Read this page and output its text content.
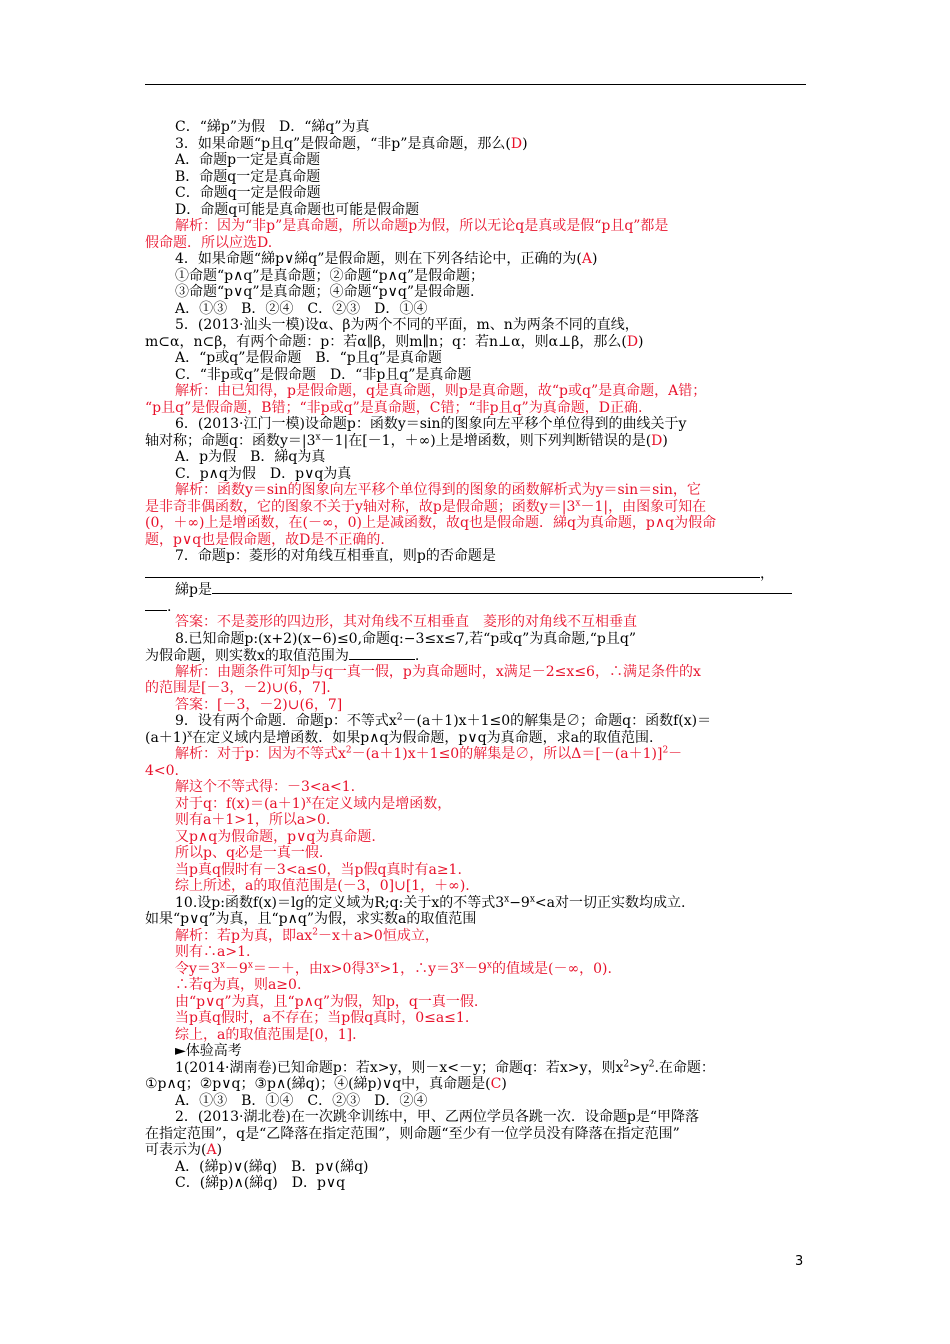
C．“綈p”为假　D．“綈q”为真
3．如果命题“p且q”是假命题，“非p”是真命题，那么(D)
A．命题p一定是真命题
B．命题q一定是真命题
C．命题q一定是假命题
D．命题q可能是真命题也可能是假命题
解析：因为“非p”是真命题，所以命题p为假，所以无论q是真或是假“p且q”都是
假命题．所以应选D.
4．如果命题“綈p∨綈q”是假命题，则在下列各结论中，正确的为(A)
①命题“p∧q”是真命题；②命题“p∧q”是假命题；
③命题“p∨q”是真命题；④命题“p∨q”是假命题.
A．①③　B．②④　C．②③　D．①④
5．(2013·汕头一模)设α、β为两个不同的平面，m、n为两条不同的直线，
m⊂α，n⊂β，有两个命题：p：若α∥β，则m∥n；q：若n⊥α，则α⊥β，那么(D)
A．“p或q”是假命题　B．“p且q”是真命题
C．“非p或q”是假命题　D．“非p且q”是真命题
解析：由已知得，p是假命题，q是真命题，则p是真命题，故“p或q”是真命题，A错；
“p且q”是假命题，B错；“非p或q”是真命题，C错；“非p且q”为真命题，D正确.
6．(2013·江门一模)设命题p：函数y＝sin的图象向左平移个单位得到的曲线关于y
轴对称；命题q：函数$y=|3^x-1|$在[－1，＋∞)上是增函数，则下列判断错误的是(D)
A．p为假　B．綈q为真
C．p∧q为假　D．p∨q为真
解析：函数y＝sin的图象向左平移个单位得到的图象的函数解析式为y＝sin＝sin，它
是非奇非偶函数，它的图象不关于y轴对称，故p是假命题；函数$y=|3^x-1|$，由图象可知在
(0，＋∞)上是增函数，在(－∞，0)上是减函数，故q也是假命题．綈q为真命题，p∧q为假命
题，p∨q也是假命题，故D是不正确的.
7．命题p：菱形的对角线互相垂直，则p的否命题是
，
綈p是
.
答案：不是菱形的四边形，其对角线不互相垂直　菱形的对角线不互相垂直
8.已知命题p:(x+2)(x−6)≤0,命题q:−3≤x≤7,若“p或q”为真命题,“p且q”
为假命题，则实数x的取值范围为	.
解析：由题条件可知p与q一真一假，p为真命题时，x满足－2≤x≤6，∴满足条件的x
的范围是[－3，－2)∪(6，7].
答案：[－3，－2)∪(6，7]
9．设有两个命题．命题p：不等式$x^2-(a+1)x+1\le 0$的解集是∅；命题q：函数f(x)＝
$(a+1)^x$在定义域内是增函数．如果p∧q为假命题，p∨q为真命题，求a的取值范围.
解析：对于p：因为不等式$x^2-(a+1)x+1\le 0$的解集是∅，所以$\Delta=[-(a+1)]^2-$
4<0.
解这个不等式得：－3<a<1.
对于q：$f(x)=(a+1)^x$在定义域内是增函数，
则有a＋1>1，所以a>0.
又p∧q为假命题，p∨q为真命题.
所以p、q必是一真一假.
当p真q假时有－3<a≤0，当p假q真时有a≥1.
综上所述，a的取值范围是(－3，0]∪[1，＋∞).
10.设p:函数f(x)＝lg的定义域为R;q:关于x的不等式$3^x-9^x<a$对一切正实数均成立.
如果“p∨q”为真，且“p∧q”为假，求实数a的取值范围
解析：若p为真，即$ax^2-x+a>0$恒成立，
则有∴a>1.
令$y=3^x-9^x=-+$，由x>0得$3^x>1$，$\therefore y=3^x-9^x$的值域是(－∞，0).
∴若q为真，则a≥0.
由“p∨q”为真，且“p∧q”为假，知p，q一真一假.
当p真q假时，a不存在；当p假q真时，0≤a≤1.
综上，a的取值范围是[0，1].
►体验高考
1(2014·湖南卷)已知命题p：若x>y，则－x<－y；命题q：若x>y，则$x^2>y^2$.在命题：
①p∧q；②p∨q；③p∧(綈q)；④(綈p)∨q中，真命题是(C)
A．①③　B．①④　C．②③　D．②④
2．(2013·湖北卷)在一次跳伞训练中，甲、乙两位学员各跳一次．设命题p是“甲降落
在指定范围”，q是“乙降落在指定范围”，则命题“至少有一位学员没有降落在指定范围”
可表示为(A)
A．(綈p)∨(綈q)　B．p∨(綈q)
C．(綈p)∧(綈q)　D．p∨q
3
